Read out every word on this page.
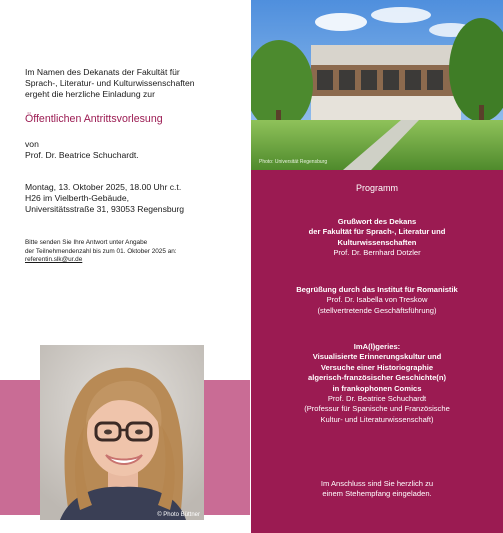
Im Namen des Dekanats der Fakultät für
Sprach-, Literatur- und Kulturwissenschaften
ergeht die herzliche Einladung zur
Öffentlichen Antrittsvorlesung
von
Prof. Dr. Beatrice Schuchardt.
Montag, 13. Oktober 2025, 18.00 Uhr c.t.
H26 im Vielberth-Gebäude,
Universitätsstraße 31, 93053 Regensburg
Bitte senden Sie Ihre Antwort unter Angabe
der Teilnehmendenzahl bis zum 01. Oktober 2025 an:
referentin.slk@ur.de
© Photo Büttner
Photo: Universität Regensburg
Programm
Grußwort des Dekans
der Fakultät für Sprach-, Literatur und
Kulturwissenschaften
Prof. Dr. Bernhard Dotzler
Begrüßung durch das Institut für Romanistik
Prof. Dr. Isabella von Treskow
(stellvertretende Geschäftsführung)
ImA(l)geries:
Visualisierte Erinnerungskultur und
Versuche einer Historiographie
algerisch-französischer Geschichte(n)
in frankophonen Comics
Prof. Dr. Beatrice Schuchardt
(Professur für Spanische und Französische
Kultur- und Literaturwissenschaft)
Im Anschluss sind Sie herzlich zu
einem Stehempfang eingeladen.
